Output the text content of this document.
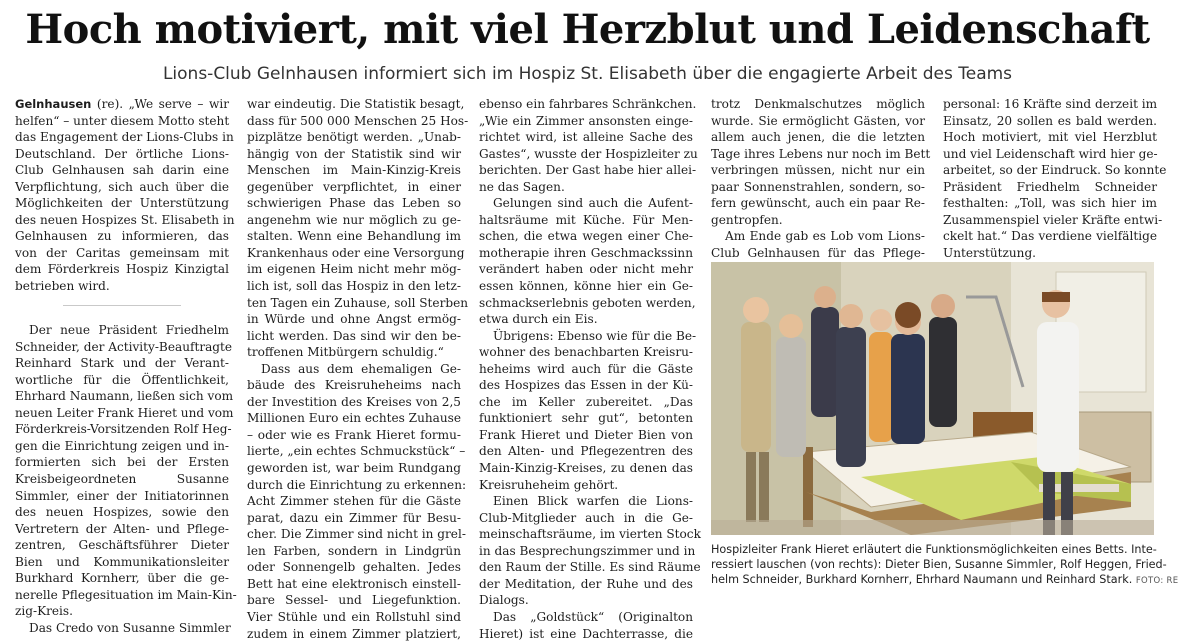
Hoch motiviert, mit viel Herzblut und Leidenschaft
Lions-Club Gelnhausen informiert sich im Hospiz St. Elisabeth über die engagierte Arbeit des Teams
Gelnhausen (re). „We serve – wir
helfen“ – unter diesem Motto steht
das Engagement der Lions-Clubs in
Deutschland. Der örtliche Lions-
Club Gelnhausen sah darin eine
Verpflichtung, sich auch über die
Möglichkeiten der Unterstützung
des neuen Hospizes St. Elisabeth in
Gelnhausen zu informieren, das
von der Caritas gemeinsam mit
dem Förderkreis Hospiz Kinzigtal
betrieben wird.
Der neue Präsident Friedhelm
Schneider, der Activity-Beauftragte
Reinhard Stark und der Verant-
wortliche für die Öffentlichkeit,
Ehrhard Naumann, ließen sich vom
neuen Leiter Frank Hieret und vom
Förderkreis-Vorsitzenden Rolf Heg-
gen die Einrichtung zeigen und in-
formierten sich bei der Ersten
Kreisbeigeordneten Susanne
Simmler, einer der Initiatorinnen
des neuen Hospizes, sowie den
Vertretern der Alten- und Pflege-
zentren, Geschäftsführer Dieter
Bien und Kommunikationsleiter
Burkhard Kornherr, über die ge-
nerelle Pflegesituation im Main-Kin-
zig-Kreis.
Das Credo von Susanne Simmler
war eindeutig. Die Statistik besagt,
dass für 500 000 Menschen 25 Hos-
pizplätze benötigt werden. „Unab-
hängig von der Statistik sind wir
Menschen im Main-Kinzig-Kreis
gegenüber verpflichtet, in einer
schwierigen Phase das Leben so
angenehm wie nur möglich zu ge-
stalten. Wenn eine Behandlung im
Krankenhaus oder eine Versorgung
im eigenen Heim nicht mehr mög-
lich ist, soll das Hospiz in den letz-
ten Tagen ein Zuhause, soll Sterben
in Würde und ohne Angst ermög-
licht werden. Das sind wir den be-
troffenen Mitbürgern schuldig.“
Dass aus dem ehemaligen Ge-
bäude des Kreisruheheims nach
der Investition des Kreises von 2,5
Millionen Euro ein echtes Zuhause
– oder wie es Frank Hieret formu-
lierte, „ein echtes Schmuckstück“ –
geworden ist, war beim Rundgang
durch die Einrichtung zu erkennen:
Acht Zimmer stehen für die Gäste
parat, dazu ein Zimmer für Besu-
cher. Die Zimmer sind nicht in grel-
len Farben, sondern in Lindgrün
oder Sonnengelb gehalten. Jedes
Bett hat eine elektronisch einstell-
bare Sessel- und Liegefunktion.
Vier Stühle und ein Rollstuhl sind
zudem in einem Zimmer platziert,
ebenso ein fahrbares Schränkchen.
„Wie ein Zimmer ansonsten einge-
richtet wird, ist alleine Sache des
Gastes“, wusste der Hospizleiter zu
berichten. Der Gast habe hier allei-
ne das Sagen.
Gelungen sind auch die Aufent-
haltsräume mit Küche. Für Men-
schen, die etwa wegen einer Che-
motherapie ihren Geschmackssinn
verändert haben oder nicht mehr
essen können, könne hier ein Ge-
schmackserlebnis geboten werden,
etwa durch ein Eis.
Übrigens: Ebenso wie für die Be-
wohner des benachbarten Kreisru-
heheims wird auch für die Gäste
des Hospizes das Essen in der Kü-
che im Keller zubereitet. „Das
funktioniert sehr gut“, betonten
Frank Hieret und Dieter Bien von
den Alten- und Pflegezentren des
Main-Kinzig-Kreises, zu denen das
Kreisruheheim gehört.
Einen Blick warfen die Lions-
Club-Mitglieder auch in die Ge-
meinschaftsräume, im vierten Stock
in das Besprechungszimmer und in
den Raum der Stille. Es sind Räume
der Meditation, der Ruhe und des
Dialogs.
Das „Goldstück“ (Originalton
Hieret) ist eine Dachterrasse, die
trotz Denkmalschutzes möglich
wurde. Sie ermöglicht Gästen, vor
allem auch jenen, die die letzten
Tage ihres Lebens nur noch im Bett
verbringen müssen, nicht nur ein
paar Sonnenstrahlen, sondern, so-
fern gewünscht, auch ein paar Re-
gentropfen.
Am Ende gab es Lob vom Lions-
Club Gelnhausen für das Pflege-
personal: 16 Kräfte sind derzeit im
Einsatz, 20 sollen es bald werden.
Hoch motiviert, mit viel Herzblut
und viel Leidenschaft wird hier ge-
arbeitet, so der Eindruck. So konnte
Präsident Friedhelm Schneider
festhalten: „Toll, was sich hier im
Zusammenspiel vieler Kräfte entwi-
ckelt hat.“ Das verdiene vielfältige
Unterstützung.
Hospizleiter Frank Hieret erläutert die Funktionsmöglichkeiten eines Betts. Inte-
ressiert lauschen (von rechts): Dieter Bien, Susanne Simmler, Rolf Heggen, Fried-
helm Schneider, Burkhard Kornherr, Ehrhard Naumann und Reinhard Stark. FOTO: RE
